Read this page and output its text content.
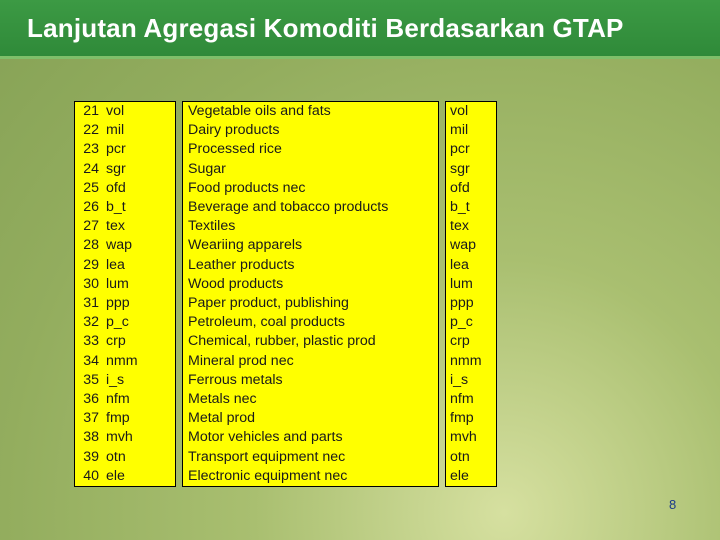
Lanjutan Agregasi Komoditi Berdasarkan GTAP
21	vol		Vegetable oils and fats		vol
22	mil		Dairy products		mil
23	pcr		Processed rice		pcr
24	sgr		Sugar		sgr
25	ofd		Food products nec		ofd
26	b_t		Beverage and tobacco products		b_t
27	tex		Textiles		tex
28	wap		Weariing apparels		wap
29	lea		Leather products		lea
30	lum		Wood products		lum
31	ppp		Paper product, publishing		ppp
32	p_c		Petroleum, coal products		p_c
33	crp		Chemical, rubber, plastic prod		crp
34	nmm		Mineral prod nec		nmm
35	i_s		Ferrous metals		i_s
36	nfm		Metals nec		nfm
37	fmp		Metal prod		fmp
38	mvh		Motor vehicles and parts		mvh
39	otn		Transport equipment nec		otn
40	ele		Electronic equipment nec		ele
8
